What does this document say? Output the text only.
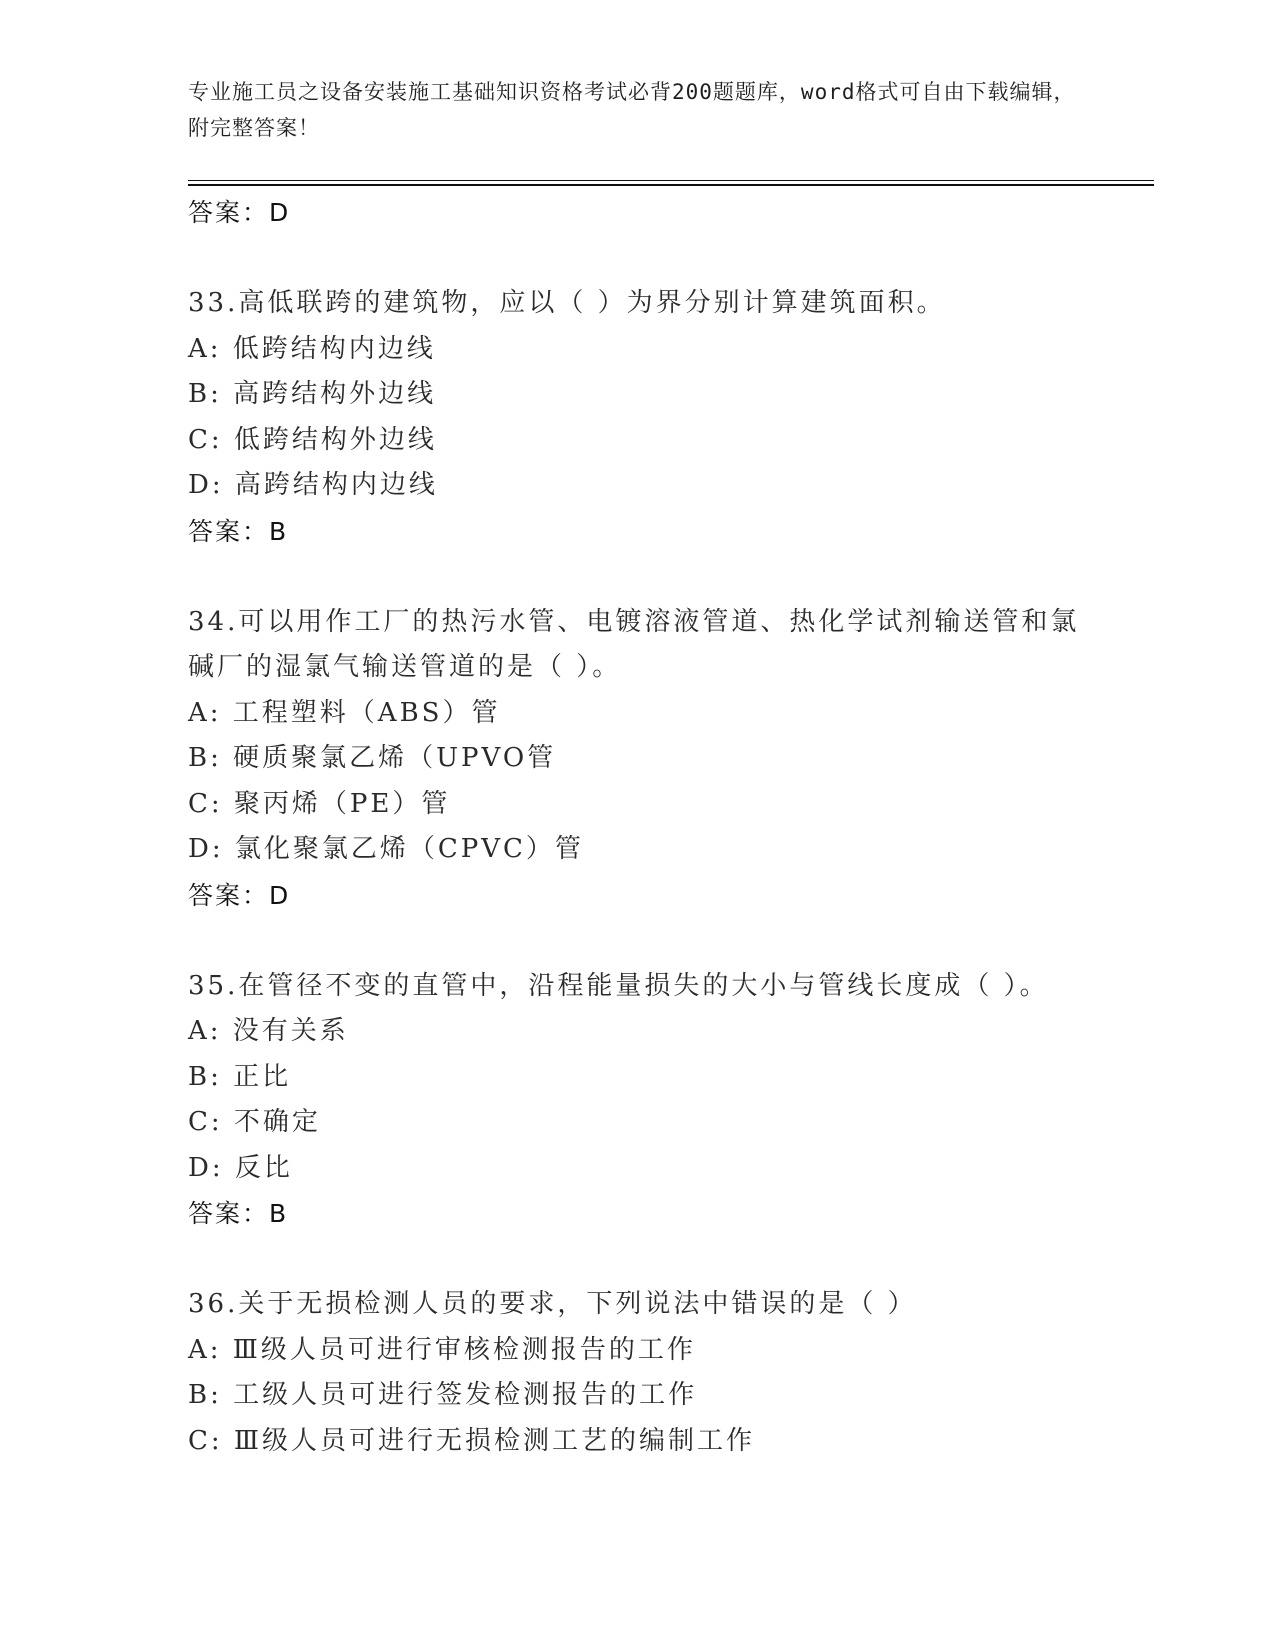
专业施工员之设备安装施工基础知识资格考试必背200题题库，word格式可自由下载编辑，附完整答案！
答案：D
33.高低联跨的建筑物，应以（ ）为界分别计算建筑面积。
A: 低跨结构内边线
B: 高跨结构外边线
C: 低跨结构外边线
D: 高跨结构内边线
答案：B
34.可以用作工厂的热污水管、电镀溶液管道、热化学试剂输送管和氯碱厂的湿氯气输送管道的是（ ）。
A: 工程塑料（ABS）管
B: 硬质聚氯乙烯（UPVO管
C: 聚丙烯（PE）管
D: 氯化聚氯乙烯（CPVC）管
答案：D
35.在管径不变的直管中，沿程能量损失的大小与管线长度成（ ）。
A: 没有关系
B: 正比
C: 不确定
D: 反比
答案：B
36.关于无损检测人员的要求，下列说法中错误的是（ ）
A: Ⅲ级人员可进行审核检测报告的工作
B: 工级人员可进行签发检测报告的工作
C: Ⅲ级人员可进行无损检测工艺的编制工作
